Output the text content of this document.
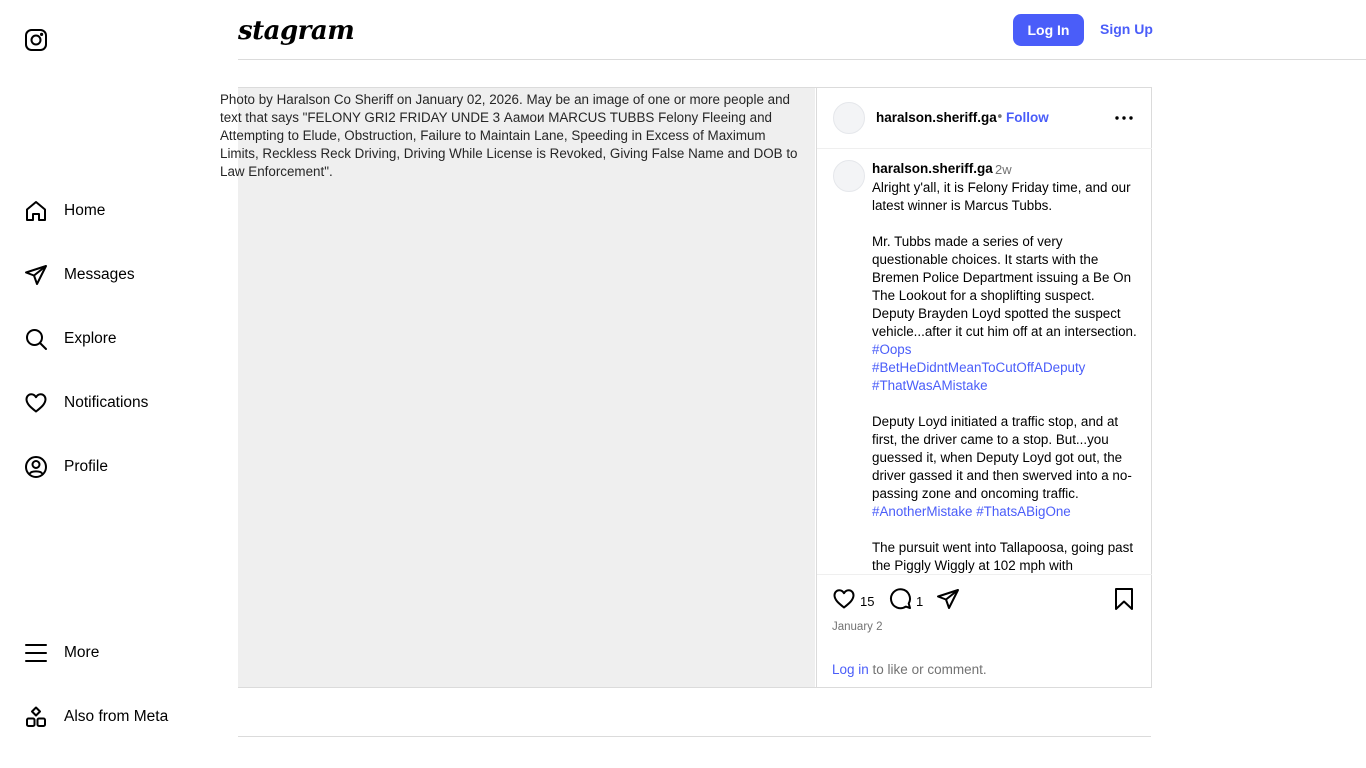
Home
Messages
Explore
Notifications
Profile
More
Also from Meta
stagram	Log In	Sign Up
Photo by Haralson Co Sheriff on January 02, 2026. May be an image of one or more people and text that says "FELONY GRI2 FRIDAY UNDE 3 Аамои MARCUS TUBBS Felony Fleeing and Attempting to Elude, Obstruction, Failure to Maintain Lane, Speeding in Excess of Maximum Limits, Reckless Reck Driving, Driving While License is Revoked, Giving False Name and DOB to Law Enforcement".
haralson.sheriff.ga • Follow
haralson.sheriff.ga 2w
Alright y'all, it is Felony Friday time, and our latest winner is Marcus Tubbs.

Mr. Tubbs made a series of very questionable choices. It starts with the Bremen Police Department issuing a Be On The Lookout for a shoplifting suspect. Deputy Brayden Loyd spotted the suspect vehicle...after it cut him off at an intersection. #Oops
#BetHeDidntMeanToCutOffADeputy
#ThatWasAMistake

Deputy Loyd initiated a traffic stop, and at first, the driver came to a stop. But...you guessed it, when Deputy Loyd got out, the driver gassed it and then swerved into a no-passing zone and oncoming traffic.
#AnotherMistake #ThatsABigOne

The pursuit went into Tallapoosa, going past the Piggly Wiggly at 102 mph with
15	1
January 2
Log in to like or comment.
